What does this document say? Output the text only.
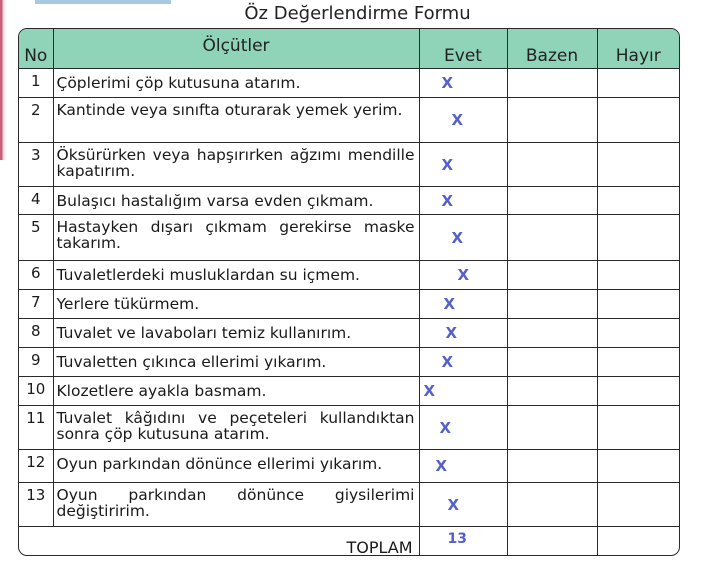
Öz Değerlendirme Formu
No	Ölçütler	Evet	Bazen	Hayır
1	Çöplerimi çöp kutusuna atarım.	X		
2	Kantinde veya sınıfta oturarak yemek yerim.	X		
3	Öksürürken veya hapşırırken ağzımı mendille kapatırım.	X		
4	Bulaşıcı hastalığım varsa evden çıkmam.	X		
5	Hastayken dışarı çıkmam gerekirse maske takarım.	X		
6	Tuvaletlerdeki musluklardan su içmem.	X		
7	Yerlere tükürmem.	X		
8	Tuvalet ve lavaboları temiz kullanırım.	X		
9	Tuvaletten çıkınca ellerimi yıkarım.	X		
10	Klozetlere ayakla basmam.	X		
11	Tuvalet kâğıdını ve peçeteleri kullandıktan sonra çöp kutusuna atarım.	X		
12	Oyun parkından dönünce ellerimi yıkarım.	X		
13	Oyun parkından dönünce giysilerimi değiştiririm.	X		
TOPLAM		13		
